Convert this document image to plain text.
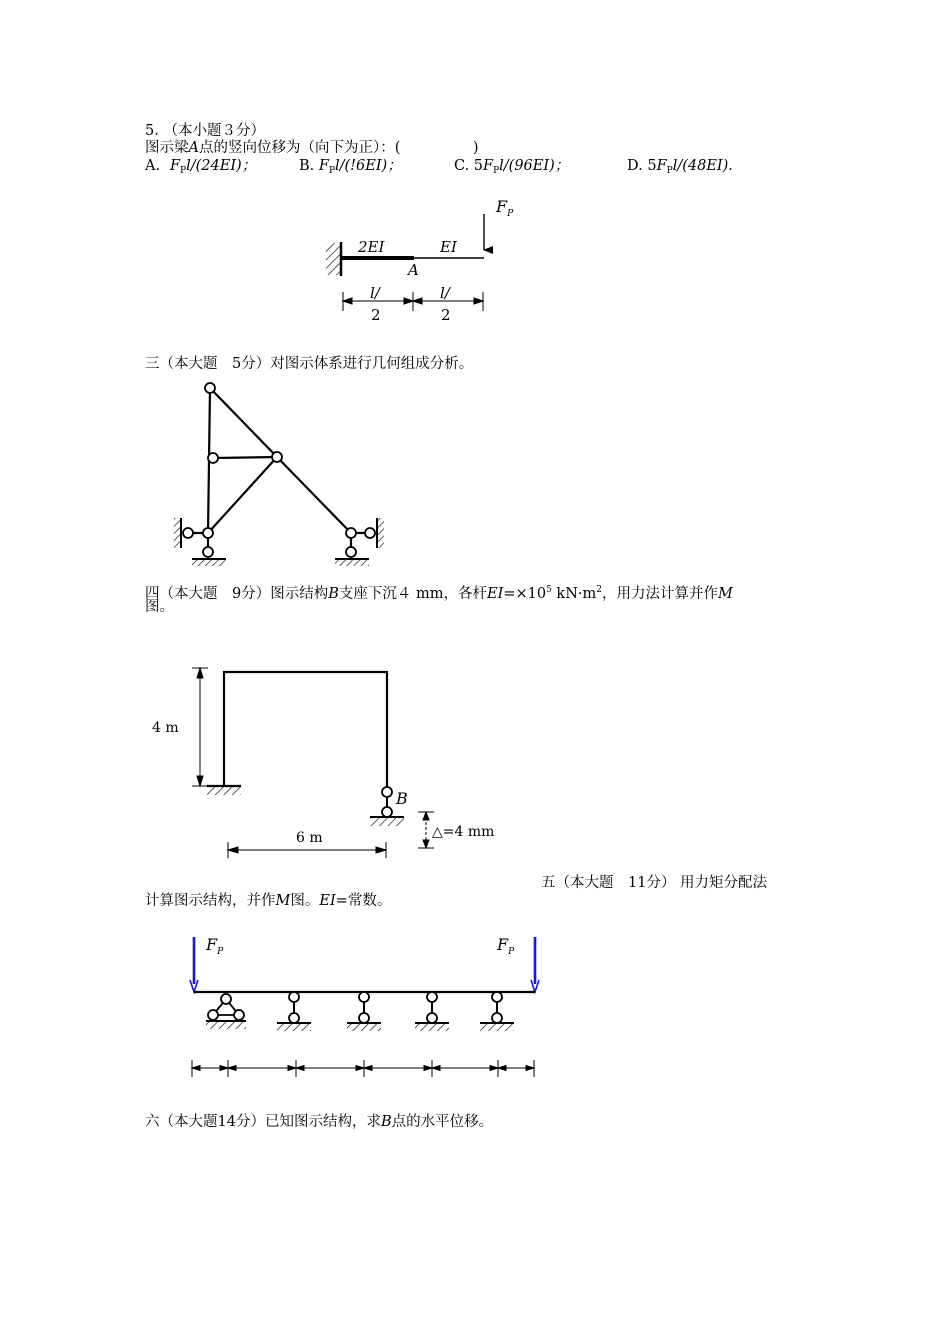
5. （本小题３分）
图示梁A点的竖向位移为（向下为正）：(　　　　　)
A．$F_Pl/(24EI)$；	B. $F_Pl/(!6EI)$；	C. $5F_Pl/(96EI)$；	D. $5F_Pl/(48EI)$.
$F_P$
2EI	EI
A
l/
2
l/
2
三（本大题　5分）对图示体系进行几何组成分析。
四（本大题　9分）图示结构B支座下沉４ mm，各杆$EI=\times 10^5$ $kN\cdot m^2$，用力法计算并作M
图。
B
4 m
6 m	△=4 mm
五（本大题　11分） 用力矩分配法
计算图示结构，并作M图。EI=常数。
$F_P$	$F_P$
六（本大题14分）已知图示结构，求B点的水平位移。
